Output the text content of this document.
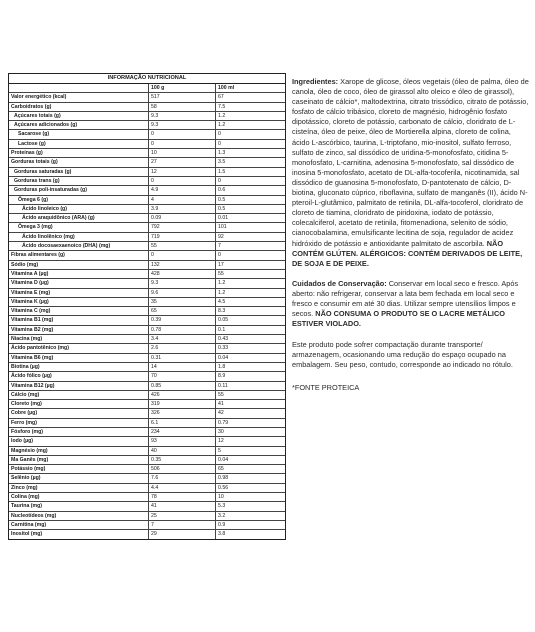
INFORMAÇÃO NUTRICIONAL
100 g	100 ml
Valor energético (kcal)	517	67
Carboidratos (g)	58	7.5
Açúcares totais (g)	9.3	1.2
Açúcares adicionados (g)	9.3	1.2
Sacarose (g)	0	0
Lactose (g)	0	0
Proteínas (g)	10	1.3
Gorduras totais (g)	27	3.5
Gorduras saturadas (g)	12	1.5
Gorduras trans (g)	0	0
Gorduras poli-insaturadas (g)	4.9	0.6
Ômega 6 (g)	4	0.5
Ácido linoleico (g)	3.9	0.5
Ácido araquidônico (ARA) (g)	0.09	0.01
Ômega 3 (mg)	792	101
Ácido linolênico (mg)	719	92
Ácido docosaexaenoico (DHA) (mg)	55	7
Fibras alimentares (g)	0	0
Sódio (mg)	132	17
Vitamina A (µg)	428	55
Vitamina D (µg)	9.3	1.2
Vitamina E (mg)	9.6	1.2
Vitamina K (µg)	35	4.5
Vitamina C (mg)	65	8.3
Vitamina B1 (mg)	0.39	0.05
Vitamina B2 (mg)	0.78	0.1
Niacina (mg)	3.4	0.43
Ácido pantotênico (mg)	2.6	0.33
Vitamina B6 (mg)	0.31	0.04
Biotina (µg)	14	1.8
Ácido fólico (µg)	70	8.9
Vitamina B12 (µg)	0.85	0.11
Cálcio (mg)	426	55
Cloreto (mg)	319	41
Cobre (µg)	326	42
Ferro (mg)	6.1	0.79
Fósforo (mg)	234	30
Iodo (µg)	93	12
Magnésio (mg)	40	5
Ma Ganês (mg)	0.35	0.04
Potássio (mg)	506	65
Selênio (µg)	7.6	0.98
Zinco (mg)	4.4	0.56
Colina (mg)	78	10
Taurina (mg)	41	5.3
Nucleotídeos (mg)	25	3.2
Carnitina (mg)	7	0.9
Inositol (mg)	29	3.8

Ingredientes: Xarope de glicose, óleos vegetais (óleo de palma, óleo de canola, óleo de coco, óleo de girassol alto oleico e óleo de girassol), caseinato de cálcio*, maltodextrina, citrato trissódico, citrato de potássio, fosfato de cálcio tribásico, cloreto de magnésio, hidrogênio fosfato dipotássico, cloreto de potássio, carbonato de cálcio, cloridrato de L-cisteína, óleo de peixe, óleo de Mortierella alpina, cloreto de colina, ácido L-ascórbico, taurina, L-triptofano, mio-inositol, sulfato ferroso, sulfato de zinco, sal dissódico de uridina-5-monofosfato, citidina 5-monofosfato, L-carnitina, adenosina 5-monofosfato, sal dissódico de inosina 5-monofosfato, acetato de DL-alfa-tocoferila, nicotinamida, sal dissódico de guanosina 5-monofosfato, D-pantotenato de cálcio, D-biotina, gluconato cúprico, riboflavina, sulfato de manganês (II), ácido N-pteroil-L-glutâmico, palmitato de retinila, DL-alfa-tocoferol, cloridrato de cloreto de tiamina, cloridrato de piridoxina, iodato de potássio, colecalciferol, acetato de retinila, fitomenadiona, selenito de sódio, cianocobalamina, emulsificante lecitina de soja, regulador de acidez hidróxido de potássio e antioxidante palmitato de ascorbila. NÃO CONTÉM GLÚTEN. ALÉRGICOS: CONTÉM DERIVADOS DE LEITE, DE SOJA E DE PEIXE.

Cuidados de Conservação: Conservar em local seco e fresco. Após aberto: não refrigerar, conservar a lata bem fechada em local seco e fresco e consumir em até 30 dias. Utilizar sempre utensílios limpos e secos. NÃO CONSUMA O PRODUTO SE O LACRE METÁLICO ESTIVER VIOLADO.

Este produto pode sofrer compactação durante transporte/ armazenagem, ocasionando uma redução do espaço ocupado na embalagem. Seu peso, contudo, corresponde ao indicado no rótulo.

*FONTE PROTEICA
